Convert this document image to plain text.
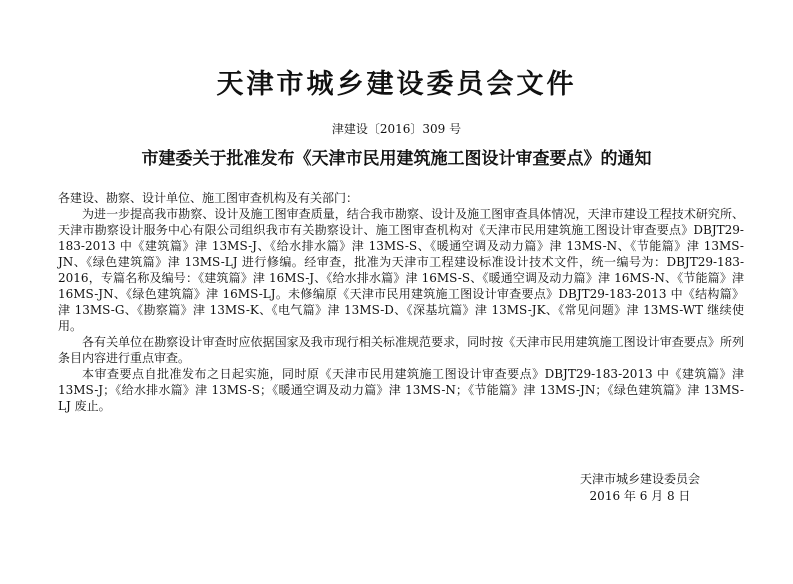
天津市城乡建设委员会文件
津建设〔2016〕309 号
市建委关于批准发布《天津市民用建筑施工图设计审查要点》的通知

各建设、勘察、设计单位、施工图审查机构及有关部门：

为进一步提高我市勘察、设计及施工图审查质量，结合我市勘察、设计及施工图审查具体情况，天津市建设工程技术研究所、天津市勘察设计服务中心有限公司组织我市有关勘察设计、施工图审查机构对《天津市民用建筑施工图设计审查要点》DBJT29-183-2013 中《建筑篇》津 13MS-J、《给水排水篇》津 13MS-S、《暖通空调及动力篇》津 13MS-N、《节能篇》津 13MS-JN、《绿色建筑篇》津 13MS-LJ 进行修编。经审查，批准为天津市工程建设标准设计技术文件，统一编号为：DBJT29-183-2016，专篇名称及编号：《建筑篇》津 16MS-J、《给水排水篇》津 16MS-S、《暖通空调及动力篇》津 16MS-N、《节能篇》津 16MS-JN、《绿色建筑篇》津 16MS-LJ。未修编原《天津市民用建筑施工图设计审查要点》DBJT29-183-2013 中《结构篇》津 13MS-G、《勘察篇》津 13MS-K、《电气篇》津 13MS-D、《深基坑篇》津 13MS-JK、《常见问题》津 13MS-WT 继续使用。

各有关单位在勘察设计审查时应依据国家及我市现行相关标准规范要求，同时按《天津市民用建筑施工图设计审查要点》所列条目内容进行重点审查。

本审查要点自批准发布之日起实施，同时原《天津市民用建筑施工图设计审查要点》DBJT29-183-2013 中《建筑篇》津 13MS-J；《给水排水篇》津 13MS-S；《暖通空调及动力篇》津 13MS-N；《节能篇》津 13MS-JN；《绿色建筑篇》津 13MS-LJ 废止。

天津市城乡建设委员会
2016 年 6 月 8 日
